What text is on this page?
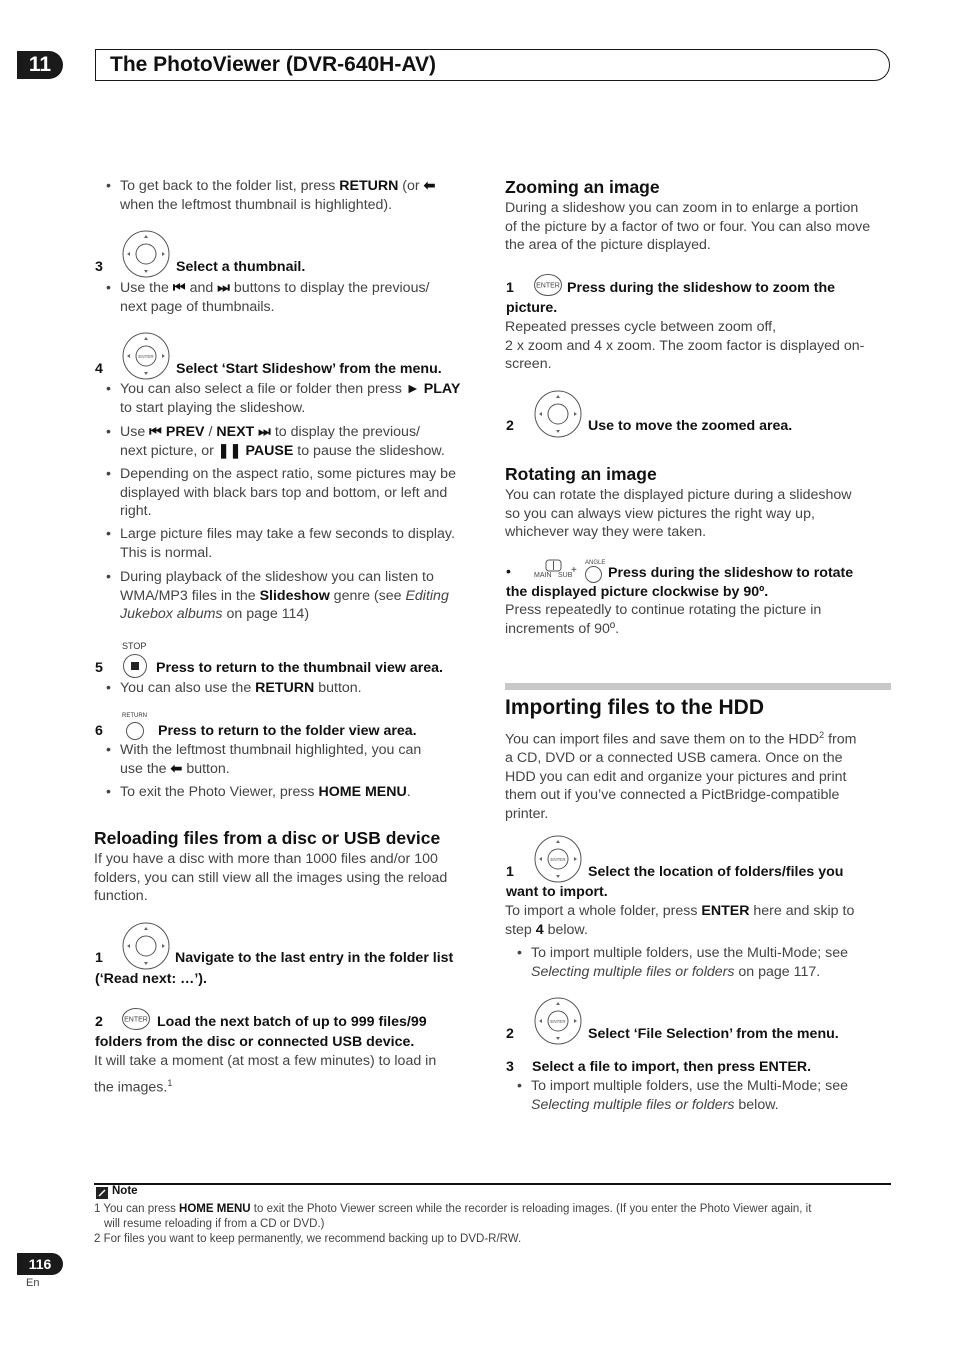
11	The PhotoViewer (DVR-640H-AV)
• To get back to the folder list, press RETURN (or ⬅
when the leftmost thumbnail is highlighted).
3	Select a thumbnail.
• Use the ⏮ and ⏭ buttons to display the previous/
next page of thumbnails.
ENTER
4	Select ‘Start Slideshow’ from the menu.
• You can also select a file or folder then press ► PLAY
to start playing the slideshow.
• Use ⏮ PREV / NEXT ⏭ to display the previous/
next picture, or ❚❚ PAUSE to pause the slideshow.
• Depending on the aspect ratio, some pictures may be
displayed with black bars top and bottom, or left and
right.
• Large picture files may take a few seconds to display.
This is normal.
• During playback of the slideshow you can listen to
WMA/MP3 files in the Slideshow genre (see Editing
Jukebox albums on page 114)
STOP
5	Press to return to the thumbnail view area.
• You can also use the RETURN button.
RETURN
6	Press to return to the folder view area.
• With the leftmost thumbnail highlighted, you can
use the ⬅ button.
• To exit the Photo Viewer, press HOME MENU.
Reloading files from a disc or USB device
If you have a disc with more than 1000 files and/or 100
folders, you can still view all the images using the reload
function.
1	Navigate to the last entry in the folder list
(‘Read next: …’).
ENTER
2	Load the next batch of up to 999 files/99
folders from the disc or connected USB device.
It will take a moment (at most a few minutes) to load in
the images.$^1$
Zooming an image
During a slideshow you can zoom in to enlarge a portion
of the picture by a factor of two or four. You can also move
the area of the picture displayed.
ENTER
1	Press during the slideshow to zoom the
picture.
Repeated presses cycle between zoom off,
2 x zoom and 4 x zoom. The zoom factor is displayed on-
screen.
2	Use to move the zoomed area.
Rotating an image
You can rotate the displayed picture during a slideshow
so you can always view pictures the right way up,
whichever way they were taken.
•	MAIN SUB
+
ANGLE
Press during the slideshow to rotate
the displayed picture clockwise by 90º.
Press repeatedly to continue rotating the picture in
increments of 90º.
Importing files to the HDD
You can import files and save them on to the HDD$^2$ from
a CD, DVD or a connected USB camera. Once on the
HDD you can edit and organize your pictures and print
them out if you’ve connected a PictBridge-compatible
printer.
ENTER
1	Select the location of folders/files you
want to import.
To import a whole folder, press ENTER here and skip to
step 4 below.
• To import multiple folders, use the Multi-Mode; see
Selecting multiple files or folders on page 117.
ENTER
2	Select ‘File Selection’ from the menu.
3 Select a file to import, then press ENTER.
• To import multiple folders, use the Multi-Mode; see
Selecting multiple files or folders below.
Note
1 You can press HOME MENU to exit the Photo Viewer screen while the recorder is reloading images. (If you enter the Photo Viewer again, it
will resume reloading if from a CD or DVD.)
2 For files you want to keep permanently, we recommend backing up to DVD-R/RW.
116
En
